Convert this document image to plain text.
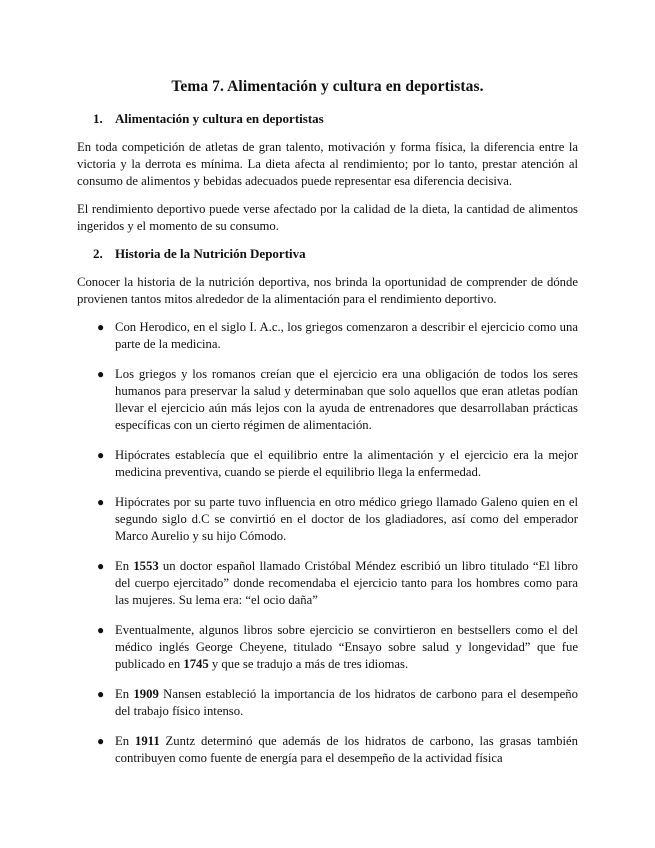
Tema 7. Alimentación y cultura en deportistas.
1. Alimentación y cultura en deportistas

En toda competición de atletas de gran talento, motivación y forma física, la diferencia entre la victoria y la derrota es mínima. La dieta afecta al rendimiento; por lo tanto, prestar atención al consumo de alimentos y bebidas adecuados puede representar esa diferencia decisiva.

El rendimiento deportivo puede verse afectado por la calidad de la dieta, la cantidad de alimentos ingeridos y el momento de su consumo.

2. Historia de la Nutrición Deportiva

Conocer la historia de la nutrición deportiva, nos brinda la oportunidad de comprender de dónde provienen tantos mitos alrededor de la alimentación para el rendimiento deportivo.

● Con Herodico, en el siglo I. A.c., los griegos comenzaron a describir el ejercicio como una parte de la medicina.
● Los griegos y los romanos creían que el ejercicio era una obligación de todos los seres humanos para preservar la salud y determinaban que solo aquellos que eran atletas podían llevar el ejercicio aún más lejos con la ayuda de entrenadores que desarrollaban prácticas específicas con un cierto régimen de alimentación.
● Hipócrates establecía que el equilibrio entre la alimentación y el ejercicio era la mejor medicina preventiva, cuando se pierde el equilibrio llega la enfermedad.
● Hipócrates por su parte tuvo influencia en otro médico griego llamado Galeno quien en el segundo siglo d.C se convirtió en el doctor de los gladiadores, así como del emperador Marco Aurelio y su hijo Cómodo.
● En 1553 un doctor español llamado Cristóbal Méndez escribió un libro titulado “El libro del cuerpo ejercitado” donde recomendaba el ejercicio tanto para los hombres como para las mujeres. Su lema era: “el ocio daña”
● Eventualmente, algunos libros sobre ejercicio se convirtieron en bestsellers como el del médico inglés George Cheyene, titulado “Ensayo sobre salud y longevidad” que fue publicado en 1745 y que se tradujo a más de tres idiomas.
● En 1909 Nansen estableció la importancia de los hidratos de carbono para el desempeño del trabajo físico intenso.
● En 1911 Zuntz determinó que además de los hidratos de carbono, las grasas también contribuyen como fuente de energía para el desempeño de la actividad física
